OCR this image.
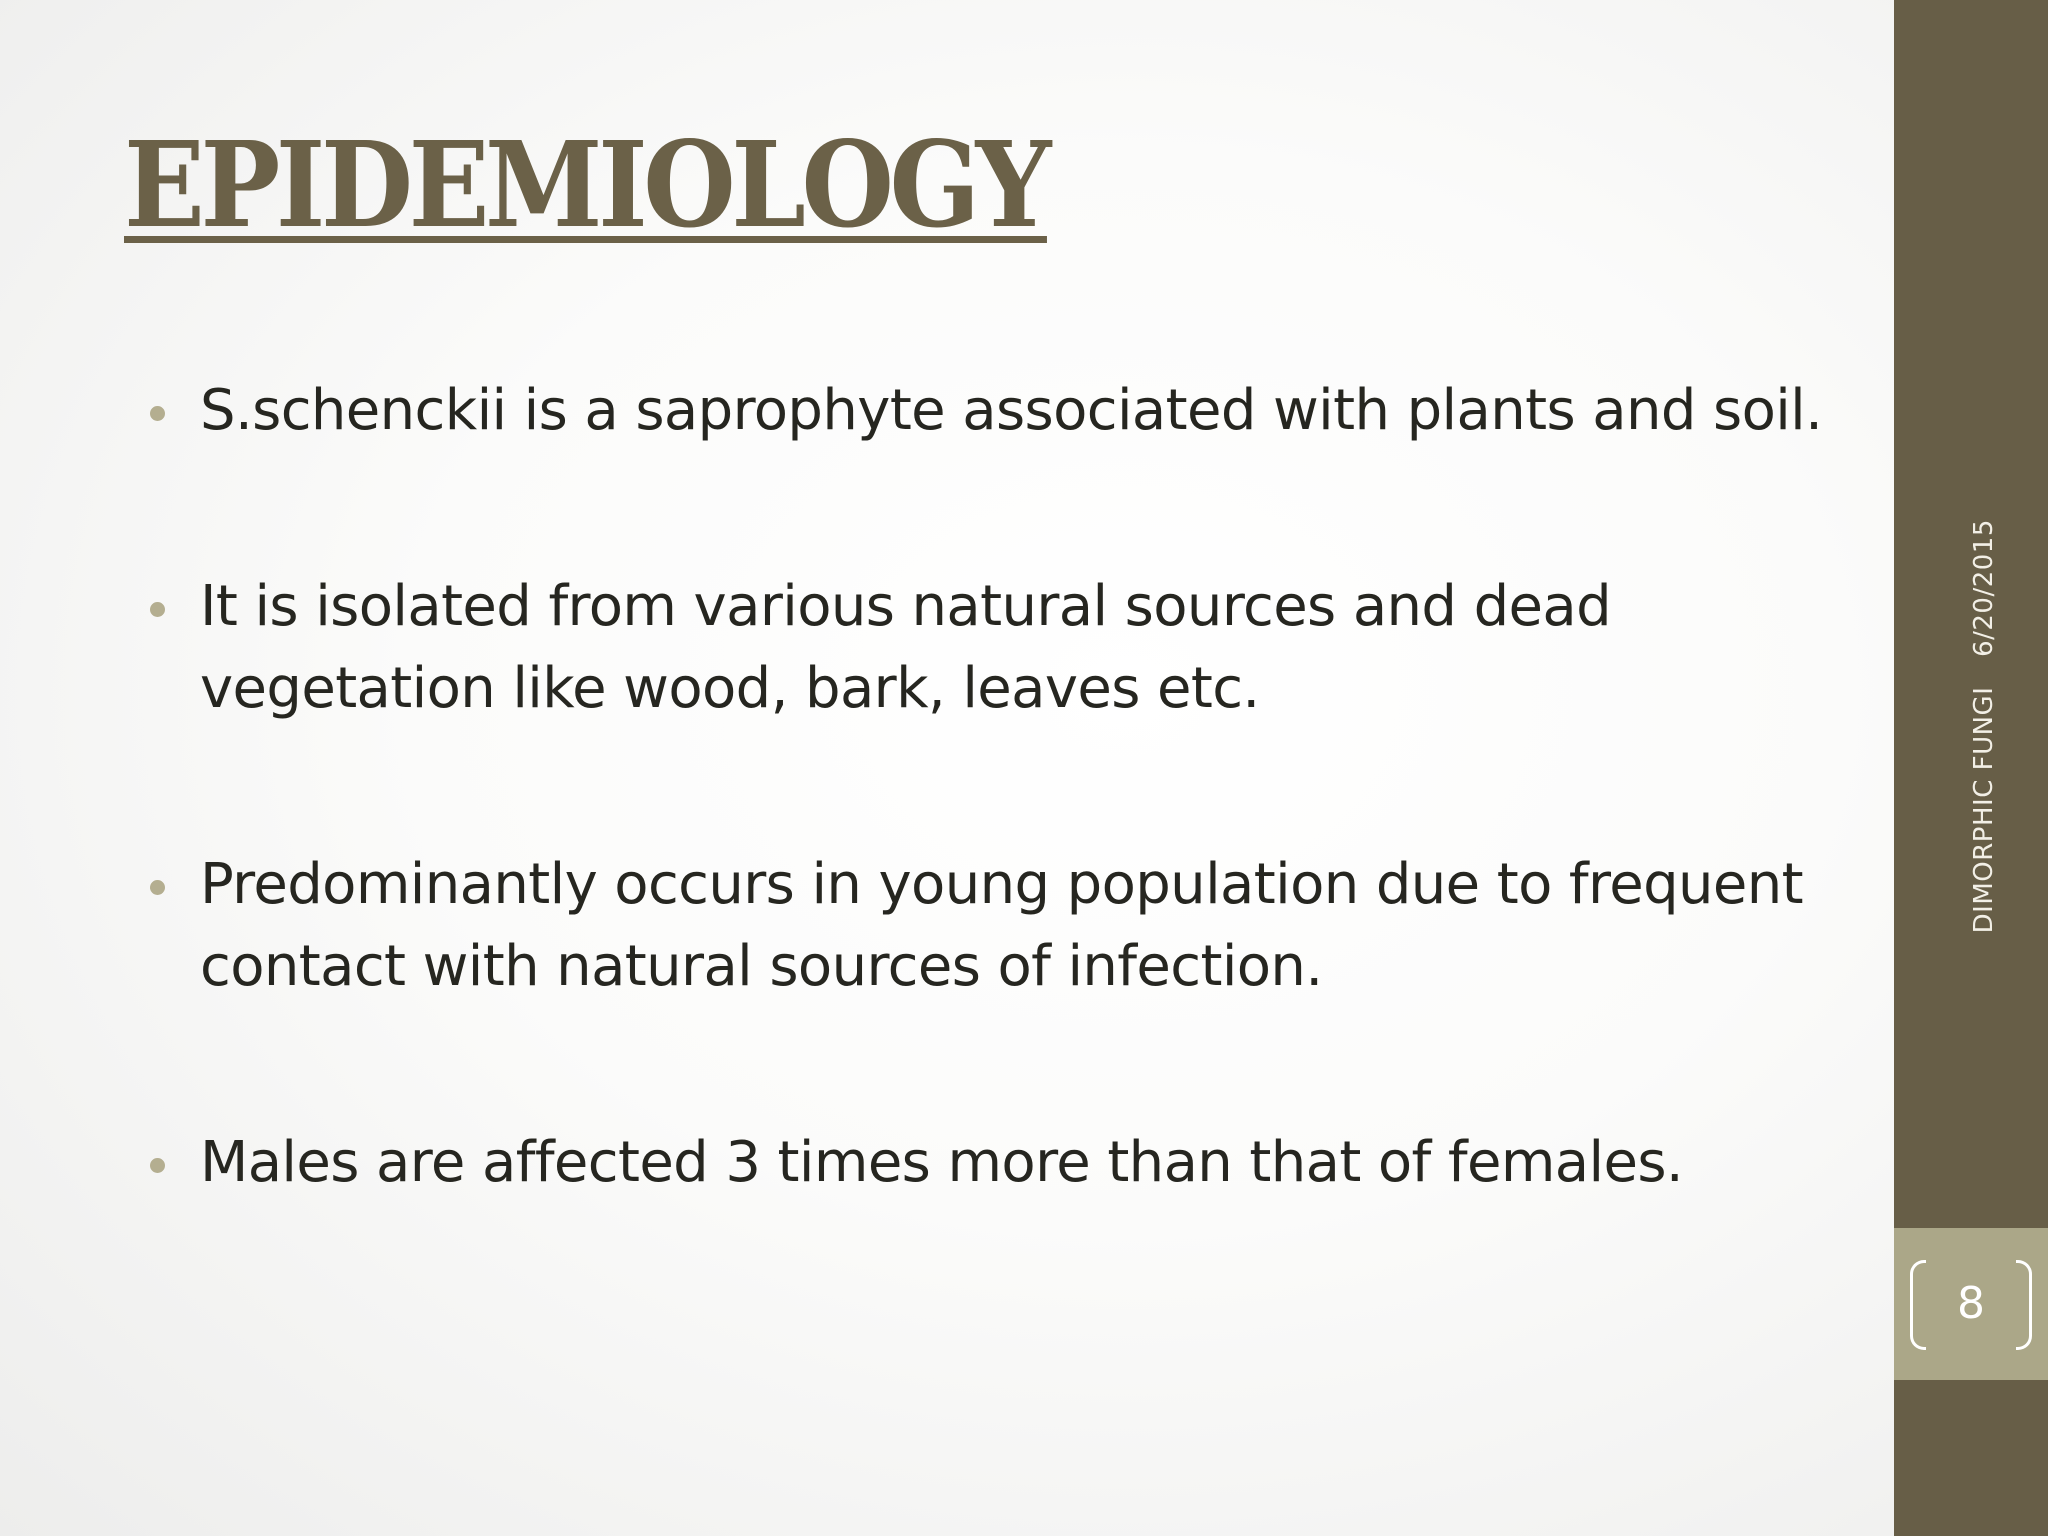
EPIDEMIOLOGY
S.schenckii is a saprophyte associated with plants and soil.
It is isolated from various natural sources and dead vegetation like wood, bark, leaves etc.
Predominantly occurs in young population due to frequent contact with natural sources of infection.
Males are affected 3 times more than that of females.
6/20/2015
DIMORPHIC FUNGI
8
